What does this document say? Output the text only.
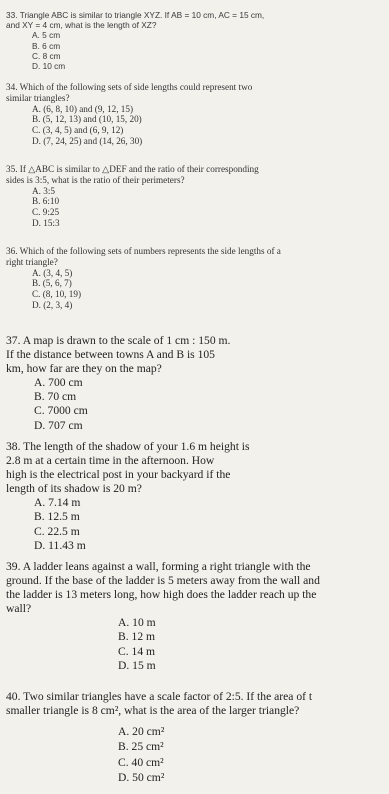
33. Triangle ABC is similar to triangle XYZ. If AB = 10 cm, AC = 15 cm,
and XY = 4 cm, what is the length of XZ?

A. 5 cm
B. 6 cm
C. 8 cm
D. 10 cm

34. Which of the following sets of side lengths could represent two
similar triangles?

A. (6, 8, 10) and (9, 12, 15)
B. (5, 12, 13) and (10, 15, 20)
C. (3, 4, 5) and (6, 9, 12)
D. (7, 24, 25) and (14, 26, 30)

35. If △ABC is similar to △DEF and the ratio of their corresponding
sides is 3:5, what is the ratio of their perimeters?

A. 3:5
B. 6:10
C. 9:25
D. 15:3

36. Which of the following sets of numbers represents the side lengths of a
right triangle?

A. (3, 4, 5)
B. (5, 6, 7)
C. (8, 10, 19)
D. (2, 3, 4)

37. A map is drawn to the scale of 1 cm : 150 m.
If the distance between towns A and B is 105
km, how far are they on the map?

A. 700 cm
B. 70 cm
C. 7000 cm
D. 707 cm

38. The length of the shadow of your 1.6 m height is
2.8 m at a certain time in the afternoon. How
high is the electrical post in your backyard if the
length of its shadow is 20 m?

A. 7.14 m
B. 12.5 m
C. 22.5 m
D. 11.43 m

39. A ladder leans against a wall, forming a right triangle with the
ground. If the base of the ladder is 5 meters away from the wall and
the ladder is 13 meters long, how high does the ladder reach up the
wall?

A. 10 m
B. 12 m
C. 14 m
D. 15 m

40. Two similar triangles have a scale factor of 2:5. If the area of t
smaller triangle is 8 cm², what is the area of the larger triangle?

A. 20 cm²
B. 25 cm²
C. 40 cm²
D. 50 cm²
